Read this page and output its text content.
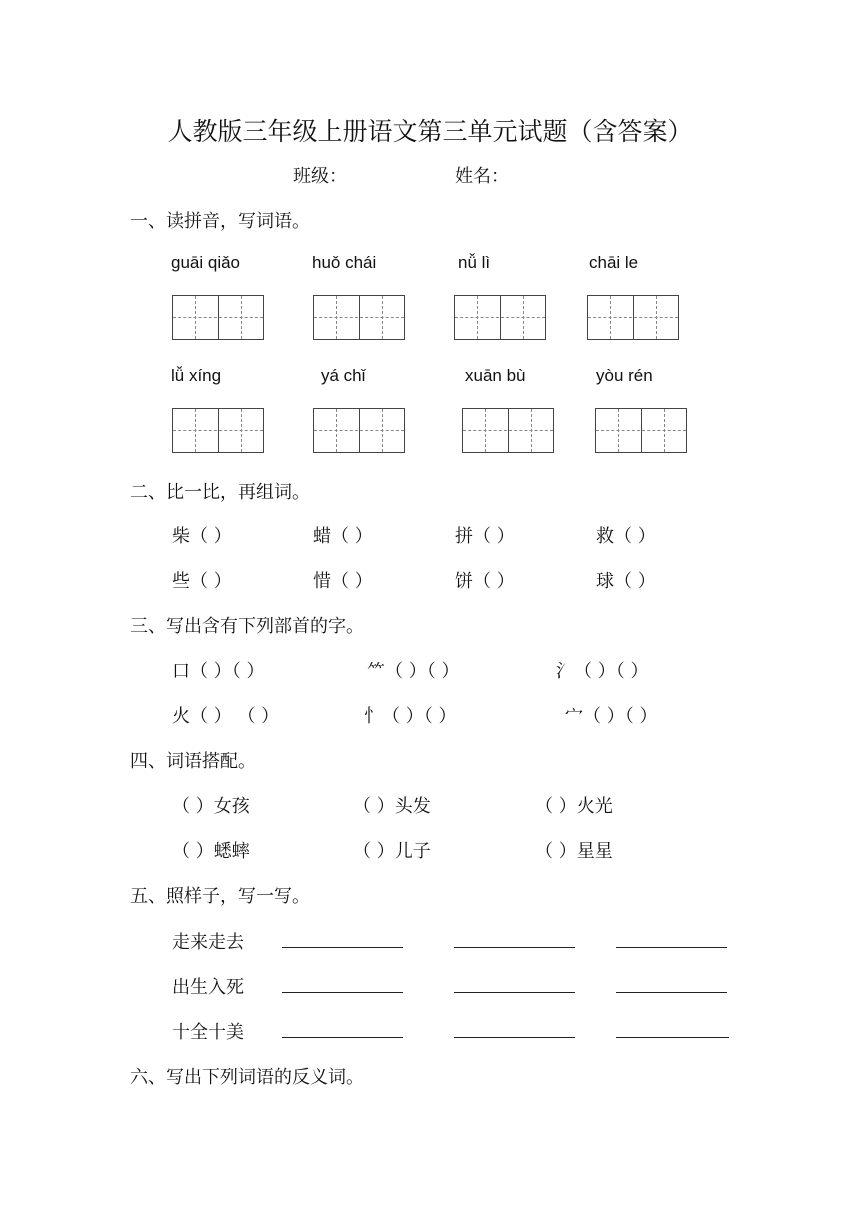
人教版三年级上册语文第三单元试题（含答案）
班级：	姓名：
一、读拼音，写词语。
guāi qiǎo	huǒ chái	nǚ lì	chāi le
lǚ xíng	yá chǐ	xuān bù	yòu rén
二、比一比，再组词。
柴（ ）	蜡（ ）	拼（ ）	救（ ）
些（ ）	惜（ ）	饼（ ）	球（ ）
三、写出含有下列部首的字。
口（ ）（ ）	⺮（ ）（ ）	氵（ ）（ ）
火（ ） （ ）	忄（ ）（ ）	宀（ ）（ ）
四、词语搭配。
（ ）女孩	（ ）头发	（ ）火光
（ ）蟋蟀	（ ）儿子	（ ）星星
五、照样子，写一写。
走来走去
出生入死
十全十美
六、写出下列词语的反义词。
